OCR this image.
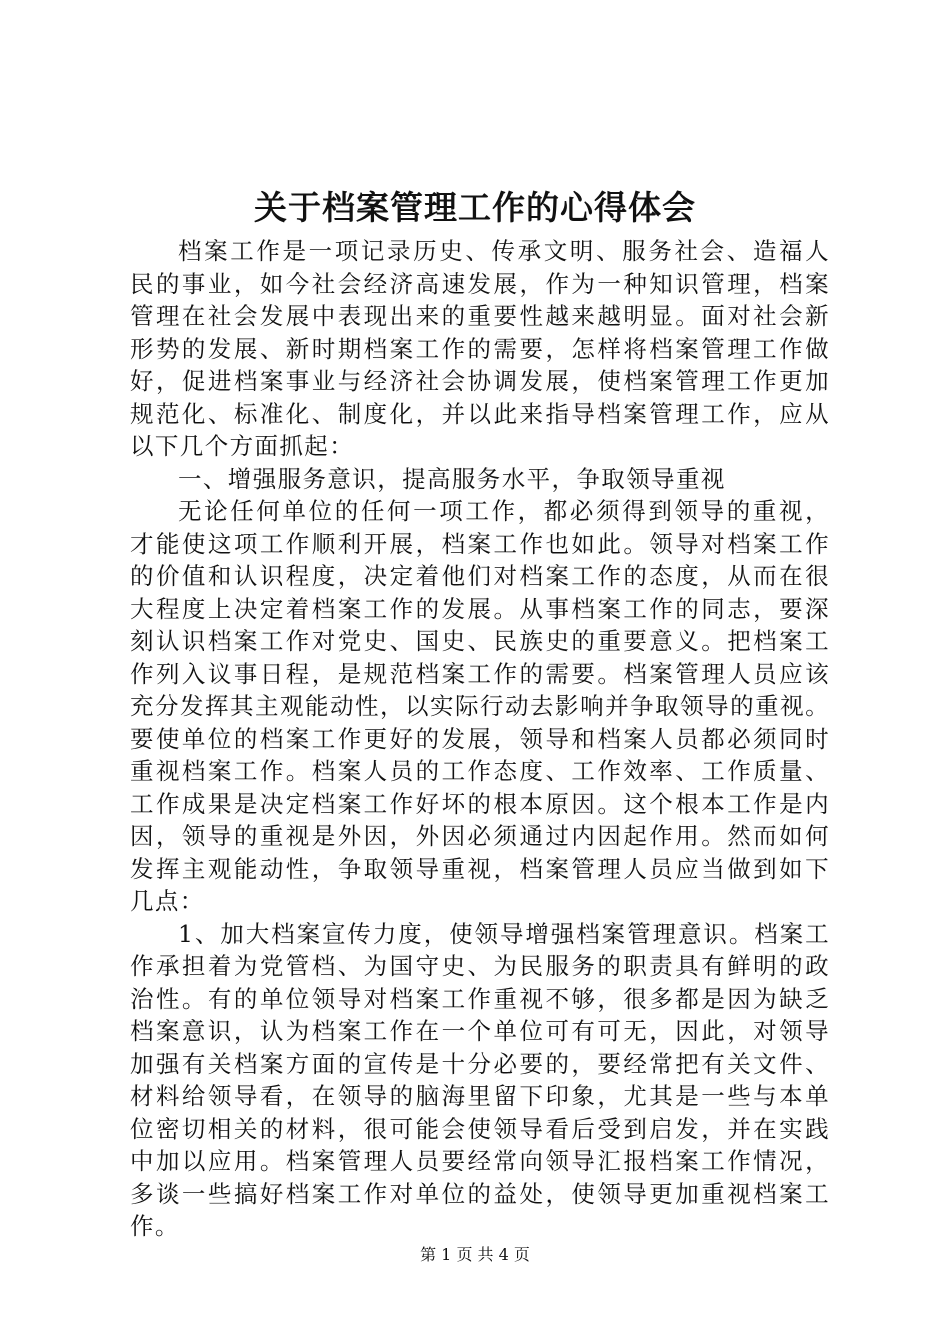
关于档案管理工作的心得体会
档案工作是一项记录历史、传承文明、服务社会、造福人
民的事业，如今社会经济高速发展，作为一种知识管理，档案
管理在社会发展中表现出来的重要性越来越明显。面对社会新
形势的发展、新时期档案工作的需要，怎样将档案管理工作做
好，促进档案事业与经济社会协调发展，使档案管理工作更加
规范化、标准化、制度化，并以此来指导档案管理工作，应从
以下几个方面抓起：
一、增强服务意识，提高服务水平，争取领导重视
无论任何单位的任何一项工作，都必须得到领导的重视，
才能使这项工作顺利开展，档案工作也如此。领导对档案工作
的价值和认识程度，决定着他们对档案工作的态度，从而在很
大程度上决定着档案工作的发展。从事档案工作的同志，要深
刻认识档案工作对党史、国史、民族史的重要意义。把档案工
作列入议事日程，是规范档案工作的需要。档案管理人员应该
充分发挥其主观能动性，以实际行动去影响并争取领导的重视。
要使单位的档案工作更好的发展，领导和档案人员都必须同时
重视档案工作。档案人员的工作态度、工作效率、工作质量、
工作成果是决定档案工作好坏的根本原因。这个根本工作是内
因，领导的重视是外因，外因必须通过内因起作用。然而如何
发挥主观能动性，争取领导重视，档案管理人员应当做到如下
几点：
1、加大档案宣传力度，使领导增强档案管理意识。档案工
作承担着为党管档、为国守史、为民服务的职责具有鲜明的政
治性。有的单位领导对档案工作重视不够，很多都是因为缺乏
档案意识，认为档案工作在一个单位可有可无，因此，对领导
加强有关档案方面的宣传是十分必要的，要经常把有关文件、
材料给领导看，在领导的脑海里留下印象，尤其是一些与本单
位密切相关的材料，很可能会使领导看后受到启发，并在实践
中加以应用。档案管理人员要经常向领导汇报档案工作情况，
多谈一些搞好档案工作对单位的益处，使领导更加重视档案工
作。
第 1 页 共 4 页
